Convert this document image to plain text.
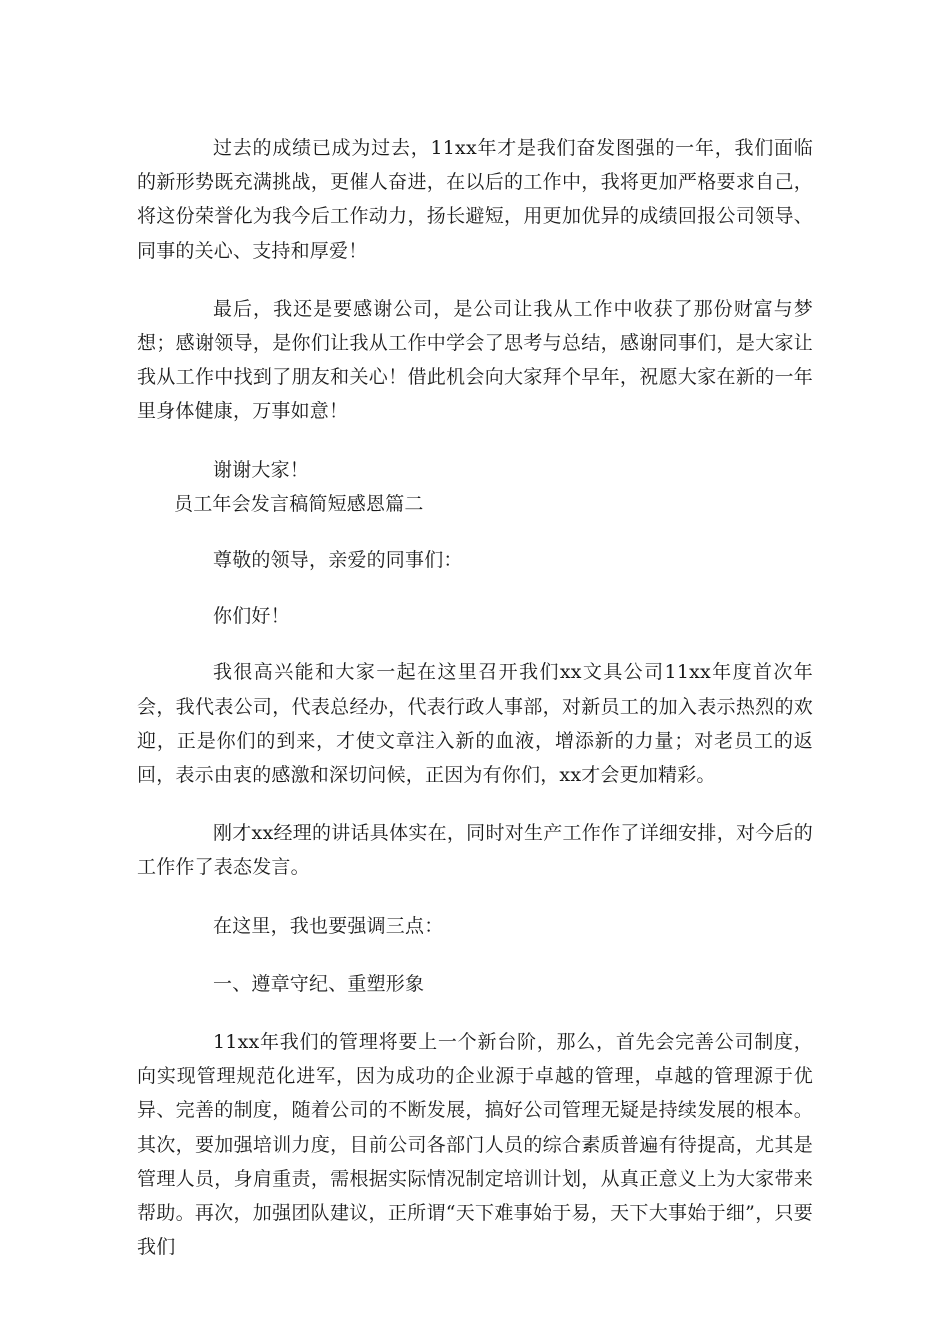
过去的成绩已成为过去，11xx年才是我们奋发图强的一年，我们面临的新形势既充满挑战，更催人奋进，在以后的工作中，我将更加严格要求自己，将这份荣誉化为我今后工作动力，扬长避短，用更加优异的成绩回报公司领导、同事的关心、支持和厚爱！

最后，我还是要感谢公司，是公司让我从工作中收获了那份财富与梦想；感谢领导，是你们让我从工作中学会了思考与总结，感谢同事们，是大家让我从工作中找到了朋友和关心！借此机会向大家拜个早年，祝愿大家在新的一年里身体健康，万事如意！

谢谢大家！

员工年会发言稿简短感恩篇二

尊敬的领导，亲爱的同事们：

你们好！

我很高兴能和大家一起在这里召开我们xx文具公司11xx年度首次年会，我代表公司，代表总经办，代表行政人事部，对新员工的加入表示热烈的欢迎，正是你们的到来，才使文章注入新的血液，增添新的力量；对老员工的返回，表示由衷的感激和深切问候，正因为有你们，xx才会更加精彩。

刚才xx经理的讲话具体实在，同时对生产工作作了详细安排，对今后的工作作了表态发言。

在这里，我也要强调三点：

一、遵章守纪、重塑形象

11xx年我们的管理将要上一个新台阶，那么，首先会完善公司制度，向实现管理规范化进军，因为成功的企业源于卓越的管理，卓越的管理源于优异、完善的制度，随着公司的不断发展，搞好公司管理无疑是持续发展的根本。其次，要加强培训力度，目前公司各部门人员的综合素质普遍有待提高，尤其是管理人员，身肩重责，需根据实际情况制定培训计划，从真正意义上为大家带来帮助。再次，加强团队建议，正所谓“天下难事始于易，天下大事始于细”，只要我们
